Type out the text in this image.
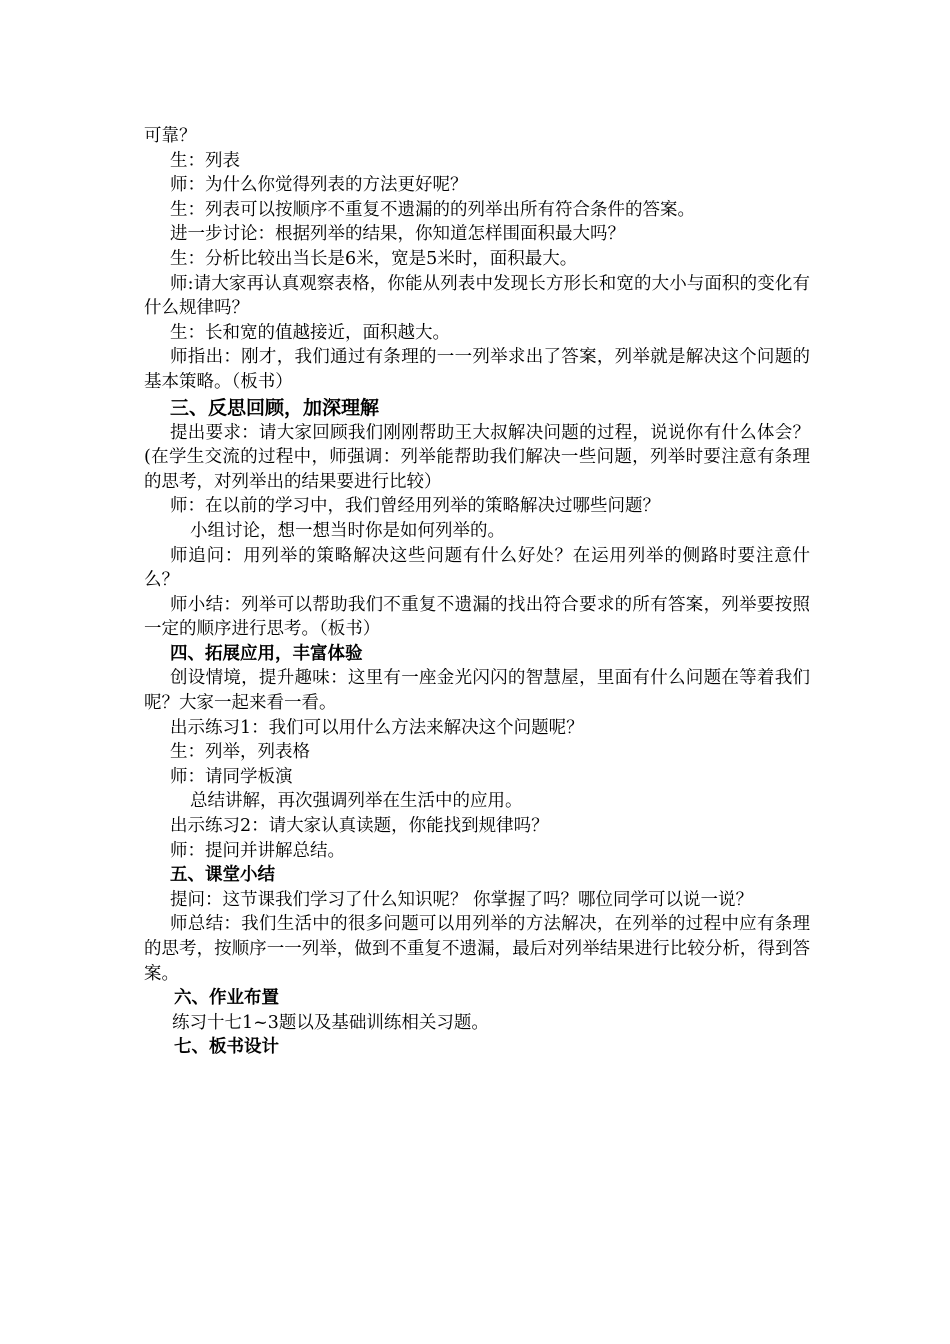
可靠？

生：列表

师：为什么你觉得列表的方法更好呢？

生：列表可以按顺序不重复不遗漏的的列举出所有符合条件的答案。

进一步讨论：根据列举的结果，你知道怎样围面积最大吗？

生：分析比较出当长是6米，宽是5米时，面积最大。

师:请大家再认真观察表格，你能从列表中发现长方形长和宽的大小与面积的变化有什么规律吗？

生：长和宽的值越接近，面积越大。

师指出：刚才，我们通过有条理的一一列举求出了答案，列举就是解决这个问题的基本策略。（板书）

三、反思回顾，加深理解

提出要求：请大家回顾我们刚刚帮助王大叔解决问题的过程，说说你有什么体会？(在学生交流的过程中，师强调：列举能帮助我们解决一些问题，列举时要注意有条理的思考，对列举出的结果要进行比较）

师：在以前的学习中，我们曾经用列举的策略解决过哪些问题？

小组讨论，想一想当时你是如何列举的。

师追问：用列举的策略解决这些问题有什么好处？在运用列举的侧路时要注意什么？

师小结：列举可以帮助我们不重复不遗漏的找出符合要求的所有答案，列举要按照一定的顺序进行思考。（板书）

四、拓展应用，丰富体验

创设情境，提升趣味：这里有一座金光闪闪的智慧屋，里面有什么问题在等着我们呢？大家一起来看一看。

出示练习1：我们可以用什么方法来解决这个问题呢？

生：列举，列表格

师：请同学板演

总结讲解，再次强调列举在生活中的应用。

出示练习2：请大家认真读题，你能找到规律吗？

师：提问并讲解总结。

五、课堂小结

提问：这节课我们学习了什么知识呢？ 你掌握了吗？哪位同学可以说一说？

师总结：我们生活中的很多问题可以用列举的方法解决，在列举的过程中应有条理的思考，按顺序一一列举，做到不重复不遗漏，最后对列举结果进行比较分析，得到答案。

六、作业布置

练习十七1~3题以及基础训练相关习题。

七、板书设计
